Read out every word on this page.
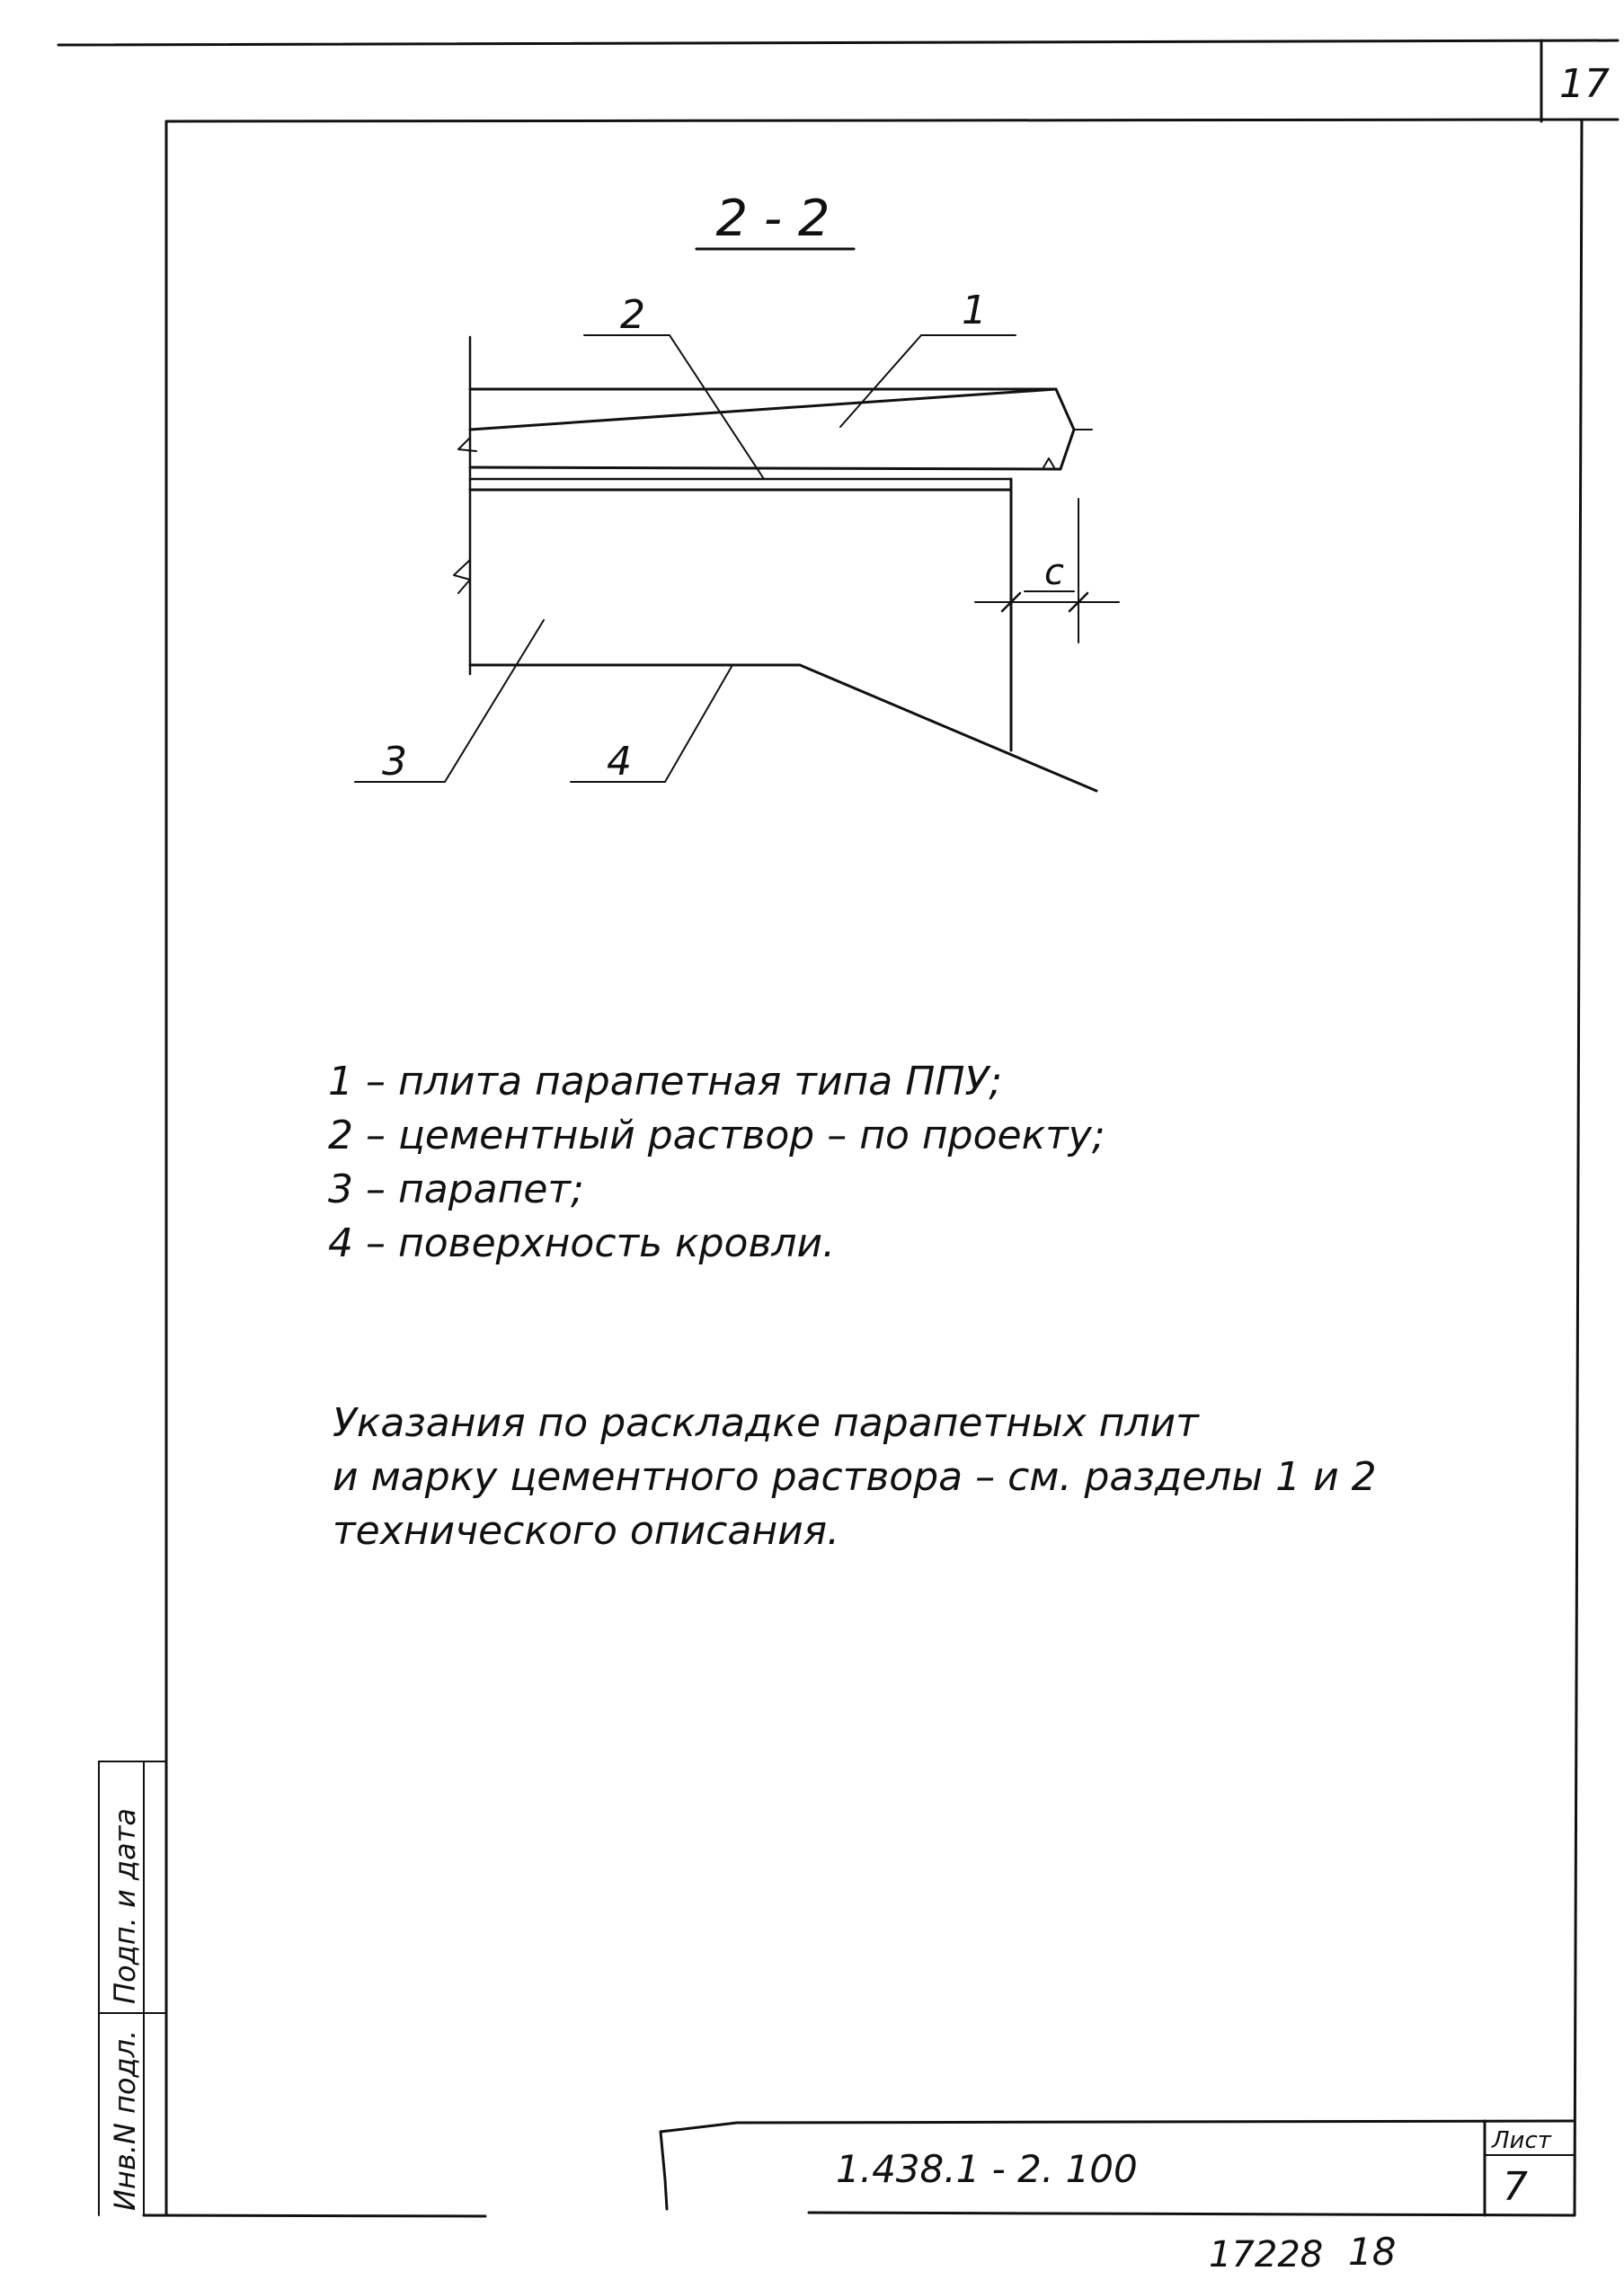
17
2 - 2
c
2	1
3	4
1 – плита парапетная типа ППУ;
2 – цементный раствор – по проекту;
3 – парапет;
4 – поверхность кровли.
Указания по раскладке парапетных плит
и марку цементного раствора – см. разделы 1 и 2
технического описания.
Инв.N подл.
Подп. и дата
1.438.1 - 2. 100
Лист
7
17228 18
